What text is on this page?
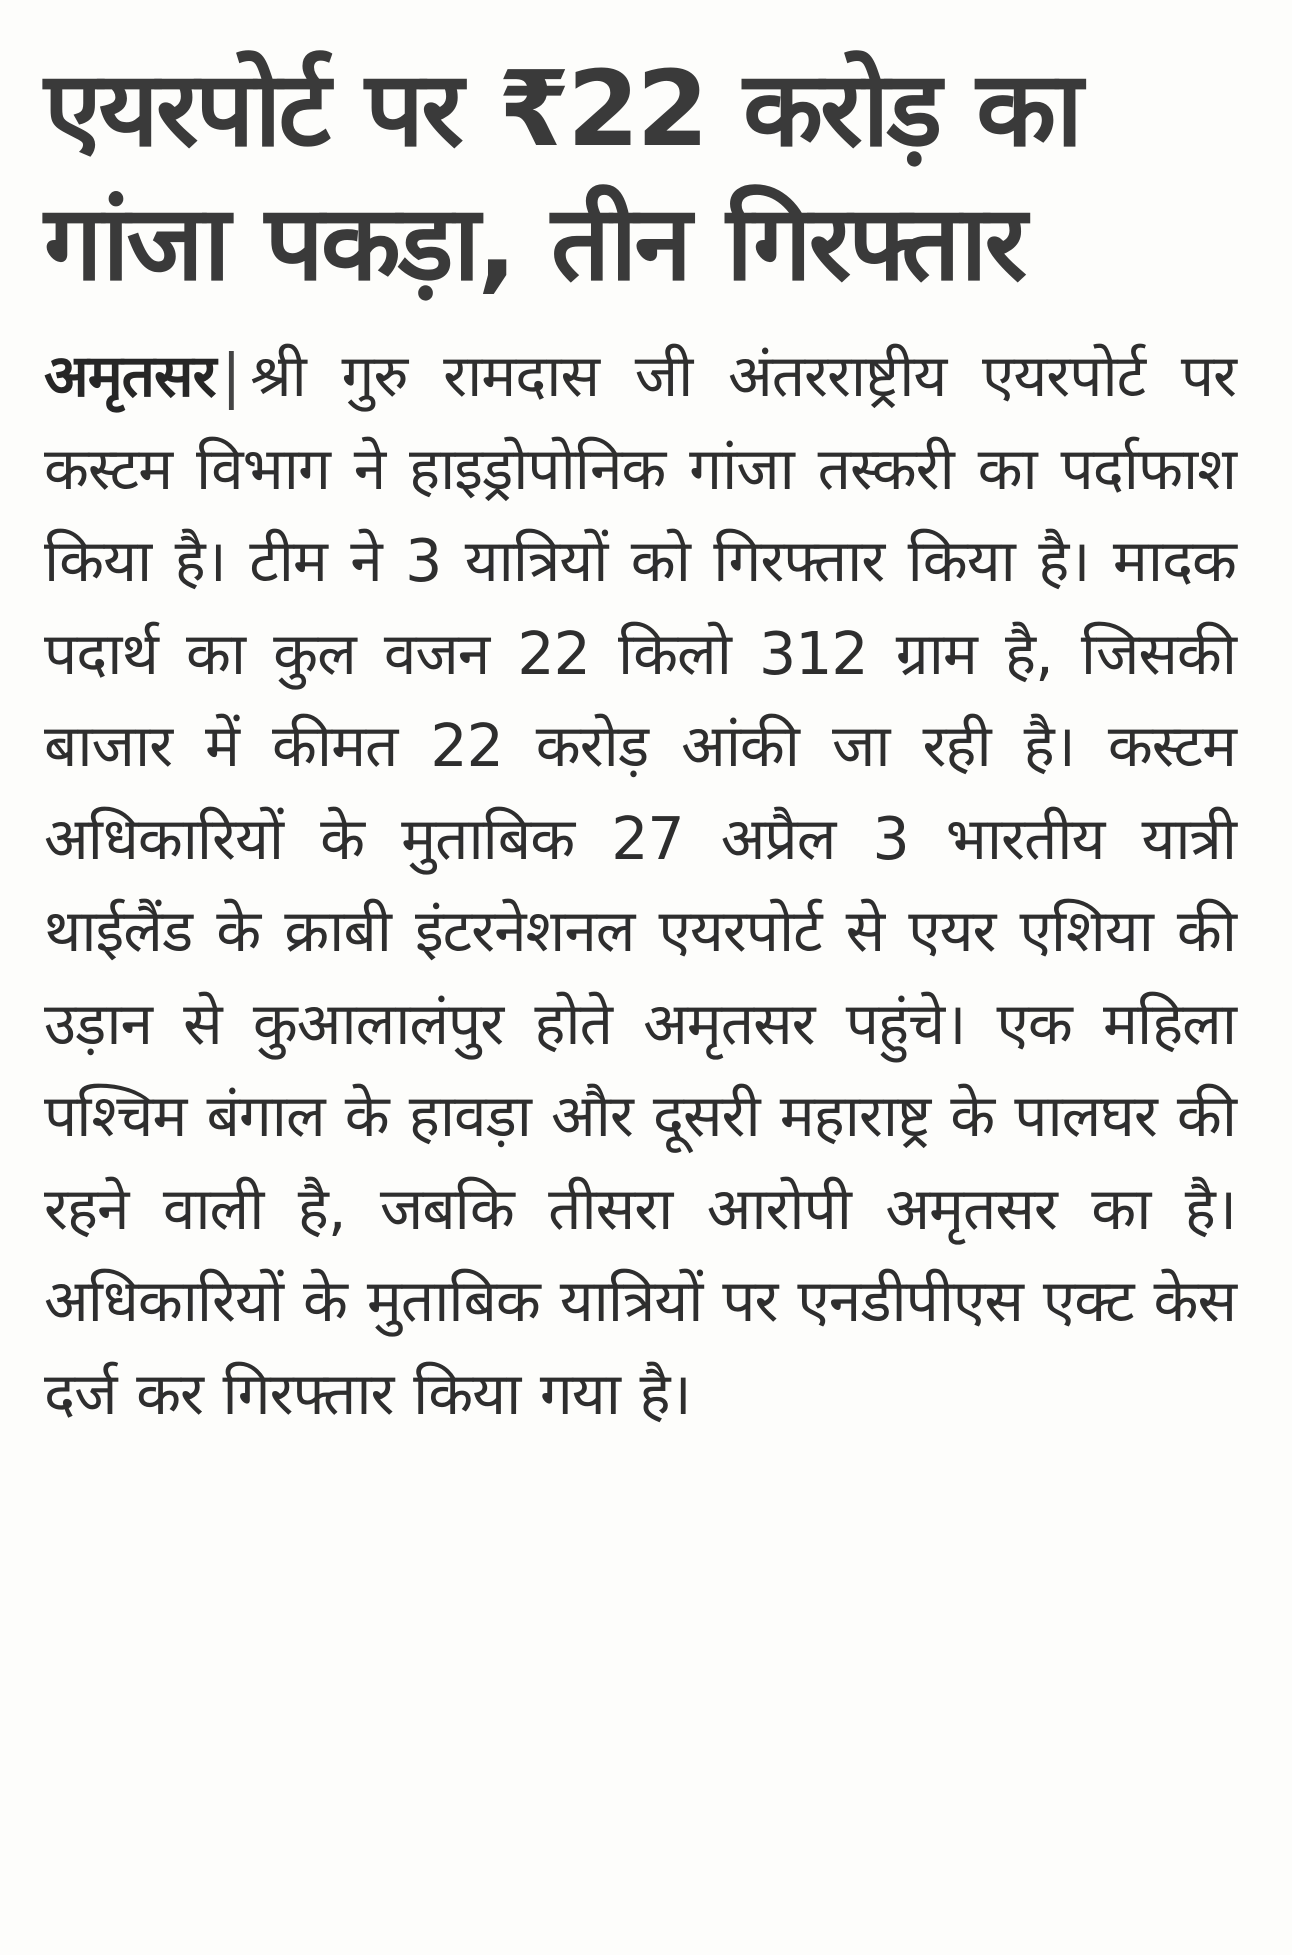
एयरपोर्ट पर ₹22 करोड़ का
गांजा पकड़ा, तीन गिरफ्तार

अमृतसर | श्री गुरु रामदास जी अंतरराष्ट्रीय एयरपोर्ट पर कस्टम विभाग ने हाइड्रोपोनिक गांजा तस्करी का पर्दाफाश किया है। टीम ने 3 यात्रियों को गिरफ्तार किया है। मादक पदार्थ का कुल वजन 22 किलो 312 ग्राम है, जिसकी बाजार में कीमत 22 करोड़ आंकी जा रही है। कस्टम अधिकारियों के मुताबिक 27 अप्रैल 3 भारतीय यात्री थाईलैंड के क्राबी इंटरनेशनल एयरपोर्ट से एयर एशिया की उड़ान से कुआलालंपुर होते अमृतसर पहुंचे। एक महिला पश्चिम बंगाल के हावड़ा और दूसरी महाराष्ट्र के पालघर की रहने वाली है, जबकि तीसरा आरोपी अमृतसर का है। अधिकारियों के मुताबिक यात्रियों पर एनडीपीएस एक्ट केस दर्ज कर गिरफ्तार किया गया है।
